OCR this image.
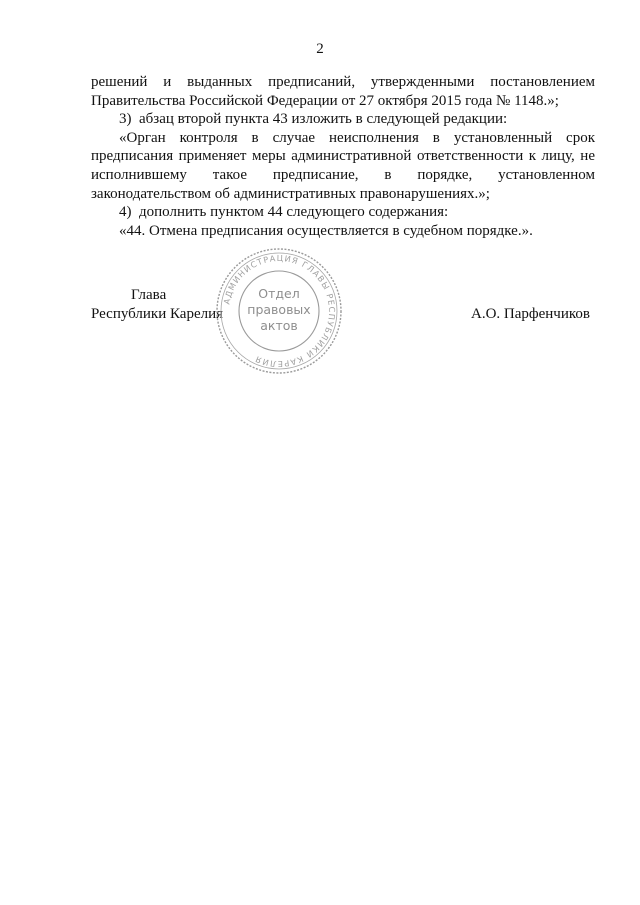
2

решений и выданных предписаний, утвержденными постановлением

Правительства Российской Федерации от 27 октября 2015 года № 1148.»;

3)  абзац второй пункта 43 изложить в следующей редакции:

«Орган контроля в случае неисполнения в установленный срок предписания применяет меры административной ответственности к лицу, не исполнившему такое предписание, в порядке, установленном законодательством об административных правонарушениях.»;

4)  дополнить пунктом 44 следующего содержания:

«44. Отмена предписания осуществляется в судебном порядке.».

Глава
Республики Карелия	А.О. Парфенчиков
АДМИНИСТРАЦИЯ ГЛАВЫ РЕСПУБЛИКИ КАРЕЛИЯ
Отдел
правовых
актов
